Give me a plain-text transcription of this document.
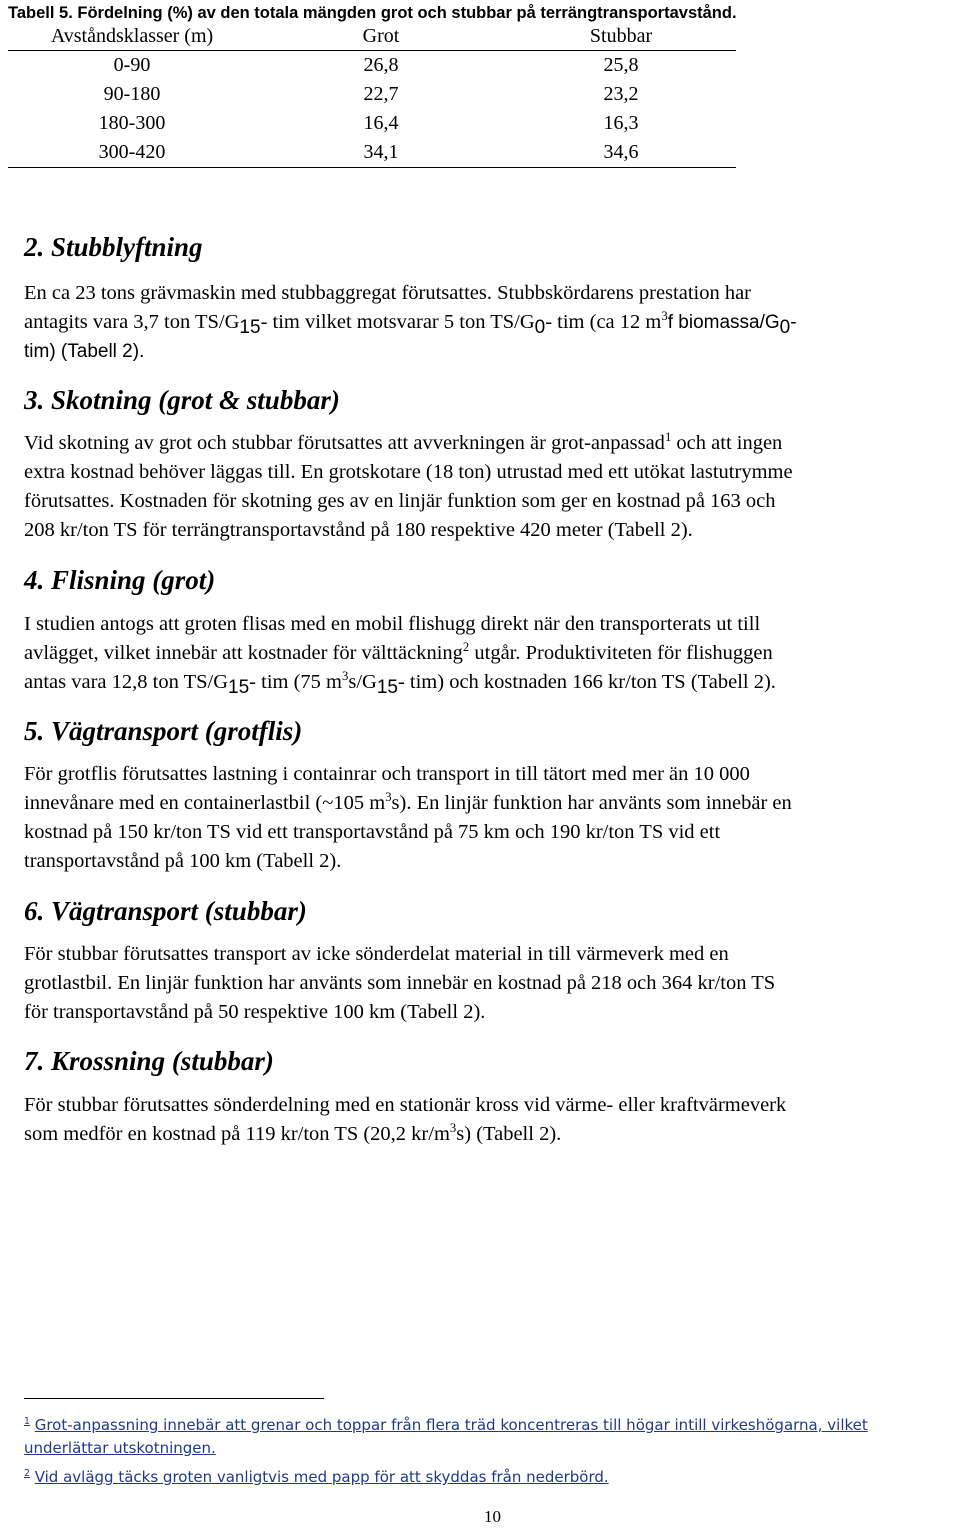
Tabell 5. Fördelning (%) av den totala mängden grot och stubbar på terrängtransportavstånd.
Avståndsklasser (m)	Grot	Stubbar
0-90	26,8	25,8
90-180	22,7	23,2
180-300	16,4	16,3
300-420	34,1	34,6
2. Stubblyftning

En ca 23 tons grävmaskin med stubbaggregat förutsattes. Stubbskördarens prestation har

antagits vara 3,7 ton $TS/G_{15}-$ tim vilket motsvarar 5 ton $TS/G_0-$ tim (ca 12 $m^3f$ biomassa/$G_0-$

tim) (Tabell 2).

3. Skotning (grot & stubbar)

Vid skotning av grot och stubbar förutsattes att avverkningen är grot-anpassad$^1$ och att ingen

extra kostnad behöver läggas till. En grotskotare (18 ton) utrustad med ett utökat lastutrymme

förutsattes. Kostnaden för skotning ges av en linjär funktion som ger en kostnad på 163 och

208 kr/ton TS för terrängtransportavstånd på 180 respektive 420 meter (Tabell 2).

4. Flisning (grot)

I studien antogs att groten flisas med en mobil flishugg direkt när den transporterats ut till

avlägget, vilket innebär att kostnader för välttäckning$^2$ utgår. Produktiviteten för flishuggen

antas vara 12,8 ton $TS/G_{15}-$ tim (75 $m^3s/G_{15}-$ tim) och kostnaden 166 kr/ton TS (Tabell 2).

5. Vägtransport (grotflis)

För grotflis förutsattes lastning i containrar och transport in till tätort med mer än 10 000

innevånare med en containerlastbil (~105 $m^3s$). En linjär funktion har använts som innebär en

kostnad på 150 kr/ton TS vid ett transportavstånd på 75 km och 190 kr/ton TS vid ett

transportavstånd på 100 km (Tabell 2).

6. Vägtransport (stubbar)

För stubbar förutsattes transport av icke sönderdelat material in till värmeverk med en

grotlastbil. En linjär funktion har använts som innebär en kostnad på 218 och 364 kr/ton TS

för transportavstånd på 50 respektive 100 km (Tabell 2).

7. Krossning (stubbar)

För stubbar förutsattes sönderdelning med en stationär kross vid värme- eller kraftvärmeverk

som medför en kostnad på 119 kr/ton TS (20,2 $kr/m^3s$) (Tabell 2).

$^1$ Grot-anpassning innebär att grenar och toppar från flera träd koncentreras till högar intill virkeshögarna, vilket underlättar utskotningen.

$^2$ Vid avlägg täcks groten vanligtvis med papp för att skyddas från nederbörd.

10
